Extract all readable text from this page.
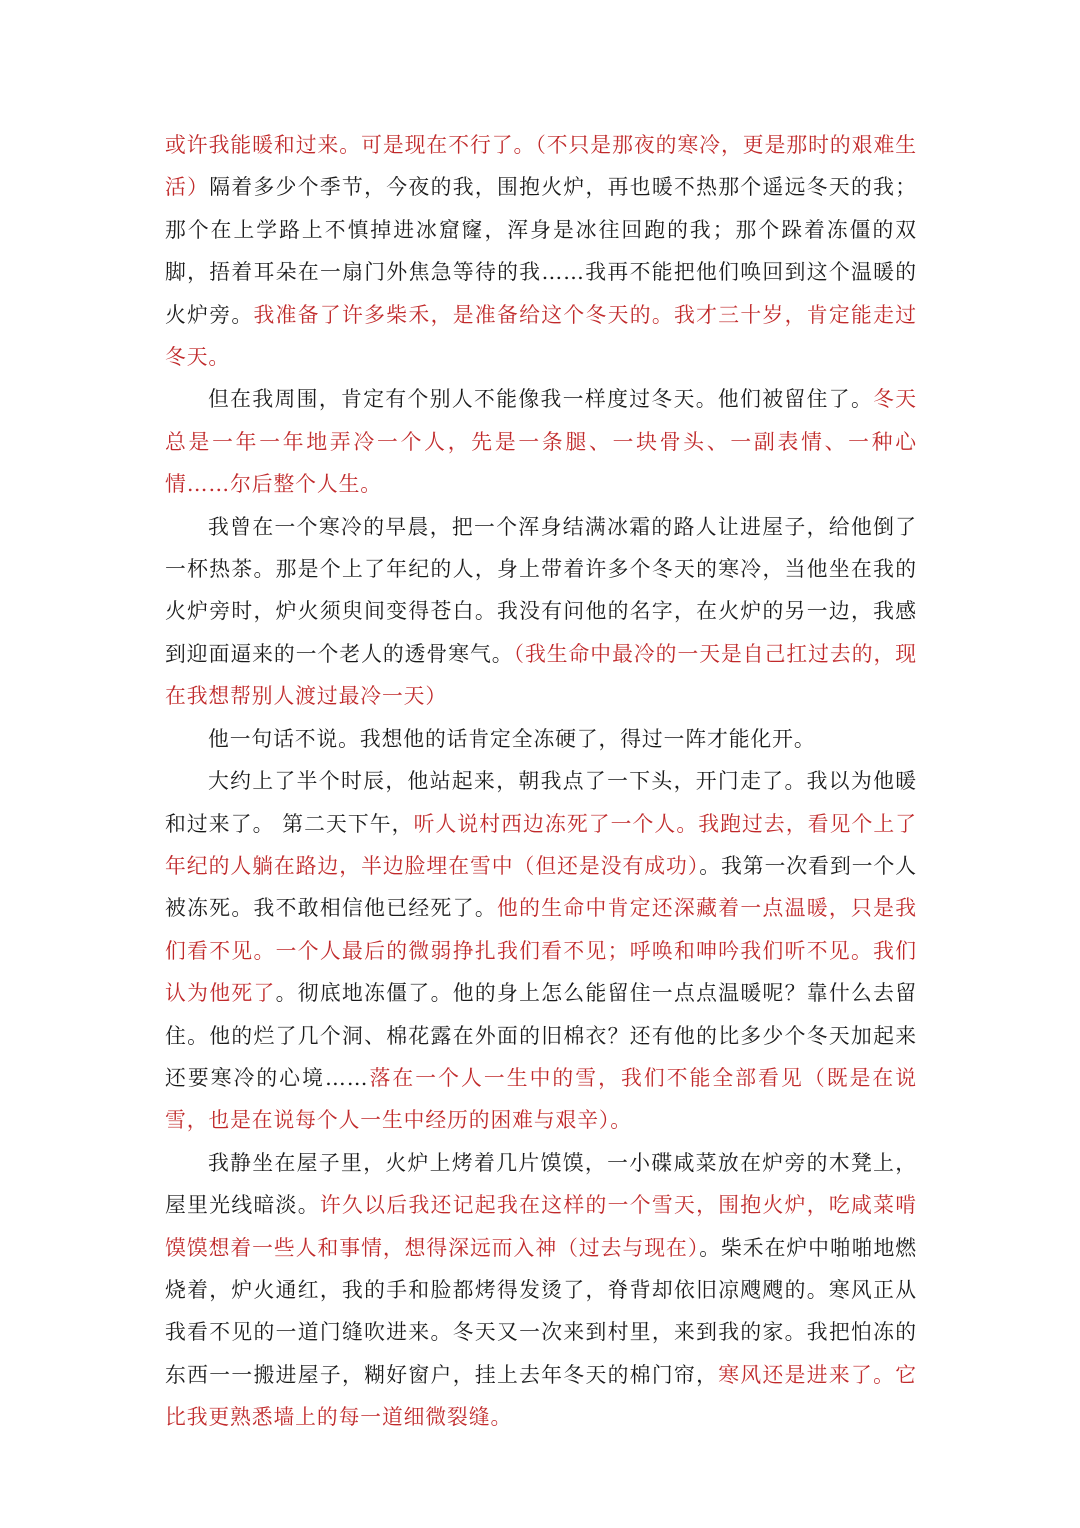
或许我能暖和过来。可是现在不行了。（不只是那夜的寒冷，更是那时的艰难生活）隔着多少个季节，今夜的我，围抱火炉，再也暖不热那个遥远冬天的我；那个在上学路上不慎掉进冰窟窿，浑身是冰往回跑的我；那个跺着冻僵的双脚，捂着耳朵在一扇门外焦急等待的我……我再不能把他们唤回到这个温暖的火炉旁。我准备了许多柴禾，是准备给这个冬天的。我才三十岁，肯定能走过冬天。

但在我周围，肯定有个别人不能像我一样度过冬天。他们被留住了。冬天总是一年一年地弄冷一个人，先是一条腿、一块骨头、一副表情、一种心情……尔后整个人生。

我曾在一个寒冷的早晨，把一个浑身结满冰霜的路人让进屋子，给他倒了一杯热茶。那是个上了年纪的人，身上带着许多个冬天的寒冷，当他坐在我的火炉旁时，炉火须臾间变得苍白。我没有问他的名字，在火炉的另一边，我感到迎面逼来的一个老人的透骨寒气。（我生命中最冷的一天是自己扛过去的，现在我想帮别人渡过最冷一天）

他一句话不说。我想他的话肯定全冻硬了，得过一阵才能化开。

大约上了半个时辰，他站起来，朝我点了一下头，开门走了。我以为他暖和过来了。 第二天下午，听人说村西边冻死了一个人。我跑过去，看见个上了年纪的人躺在路边，半边脸埋在雪中（但还是没有成功）。我第一次看到一个人被冻死。我不敢相信他已经死了。他的生命中肯定还深藏着一点温暖，只是我们看不见。一个人最后的微弱挣扎我们看不见；呼唤和呻吟我们听不见。我们认为他死了。彻底地冻僵了。他的身上怎么能留住一点点温暖呢？靠什么去留住。他的烂了几个洞、棉花露在外面的旧棉衣？还有他的比多少个冬天加起来还要寒冷的心境……落在一个人一生中的雪，我们不能全部看见（既是在说雪，也是在说每个人一生中经历的困难与艰辛）。

我静坐在屋子里，火炉上烤着几片馍馍，一小碟咸菜放在炉旁的木凳上，屋里光线暗淡。许久以后我还记起我在这样的一个雪天，围抱火炉，吃咸菜啃馍馍想着一些人和事情，想得深远而入神（过去与现在）。柴禾在炉中啪啪地燃烧着，炉火通红，我的手和脸都烤得发烫了，脊背却依旧凉飕飕的。寒风正从我看不见的一道门缝吹进来。冬天又一次来到村里，来到我的家。我把怕冻的东西一一搬进屋子，糊好窗户，挂上去年冬天的棉门帘，寒风还是进来了。它比我更熟悉墙上的每一道细微裂缝。
